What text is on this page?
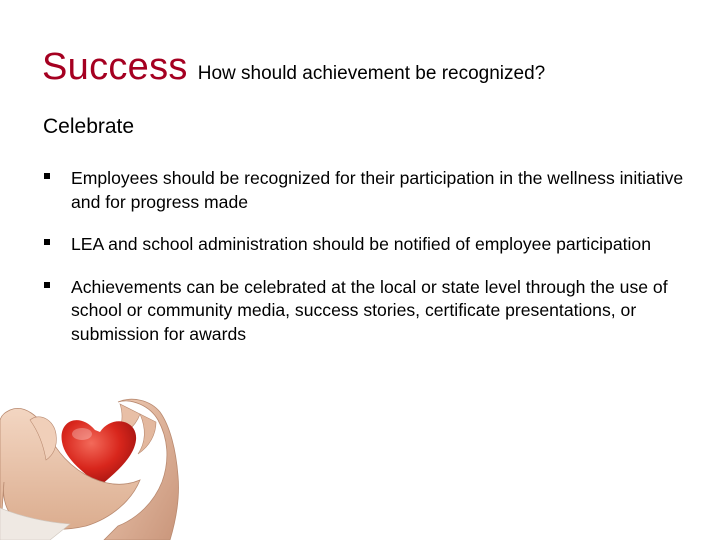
Success How should achievement be recognized?
Celebrate
Employees should be recognized for their participation in the wellness initiative and for progress made
LEA and school administration should be notified of employee participation
Achievements can be celebrated at the local or state level through the use of school or community media, success stories, certificate presentations, or submission for awards
